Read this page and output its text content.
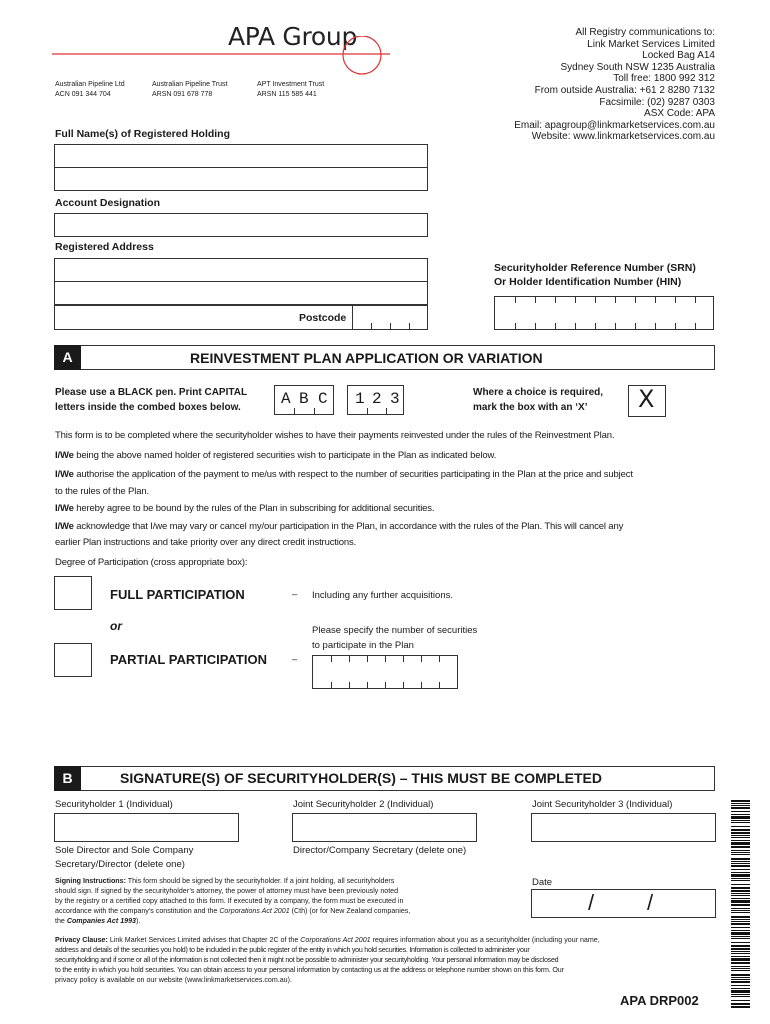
APA Group

Australian Pipeline Ltd
ACN 091 344 704

Australian Pipeline Trust
ARSN 091 678 778

APT Investment Trust
ARSN 115 585 441

All Registry communications to:
Link Market Services Limited
Locked Bag A14
Sydney South NSW 1235 Australia
Toll free: 1800 992 312
From outside Australia: +61 2 8280 7132
Facsimile: (02) 9287 0303
ASX Code: APA
Email: apagroup@linkmarketservices.com.au
Website: www.linkmarketservices.com.au
Full Name(s) of Registered Holding
Account Designation
Registered Address
Postcode
Securityholder Reference Number (SRN)
Or Holder Identification Number (HIN)
A	REINVESTMENT PLAN APPLICATION OR VARIATION
Please use a BLACK pen. Print CAPITAL
letters inside the combed boxes below.	A B C 1 2 3	Where a choice is required,
mark the box with an ‘X’ X
This form is to be completed where the securityholder wishes to have their payments reinvested under the rules of the Reinvestment Plan.
I/We being the above named holder of registered securities wish to participate in the Plan as indicated below.
I/We authorise the application of the payment to me/us with respect to the number of securities participating in the Plan at the price and subject
to the rules of the Plan.
I/We hereby agree to be bound by the rules of the Plan in subscribing for additional securities.
I/We acknowledge that I/we may vary or cancel my/our participation in the Plan, in accordance with the rules of the Plan. This will cancel any
earlier Plan instructions and take priority over any direct credit instructions.
Degree of Participation (cross appropriate box):
FULL PARTICIPATION	– Including any further acquisitions.
or	Please specify the number of securities
to participate in the Plan
PARTIAL PARTICIPATION	–
B	SIGNATURE(S) OF SECURITYHOLDER(S) – THIS MUST BE COMPLETED
Securityholder 1 (Individual)	Joint Securityholder 2 (Individual)	Joint Securityholder 3 (Individual)
Sole Director and Sole Company
Secretary/Director (delete one)
Director/Company Secretary (delete one)
Signing Instructions: This form should be signed by the securityholder. If a joint holding, all securityholders
should sign. If signed by the securityholder’s attorney, the power of attorney must have been previously noted
by the registry or a certified copy attached to this form. If executed by a company, the form must be executed in
accordance with the company’s constitution and the Corporations Act 2001 (Cth) (or for New Zealand companies,
the Companies Act 1993).
Date
/ /
Privacy Clause: Link Market Services Limited advises that Chapter 2C of the Corporations Act 2001 requires information about you as a securityholder (including your name,
address and details of the securities you hold) to be included in the public register of the entity in which you hold securities. Information is collected to administer your
securityholding and if some or all of the information is not collected then it might not be possible to administer your securityholding. Your personal information may be disclosed
to the entity in which you hold securities. You can obtain access to your personal information by contacting us at the address or telephone number shown on this form. Our
privacy policy is available on our website (www.linkmarketservices.com.au).
APA DRP002
